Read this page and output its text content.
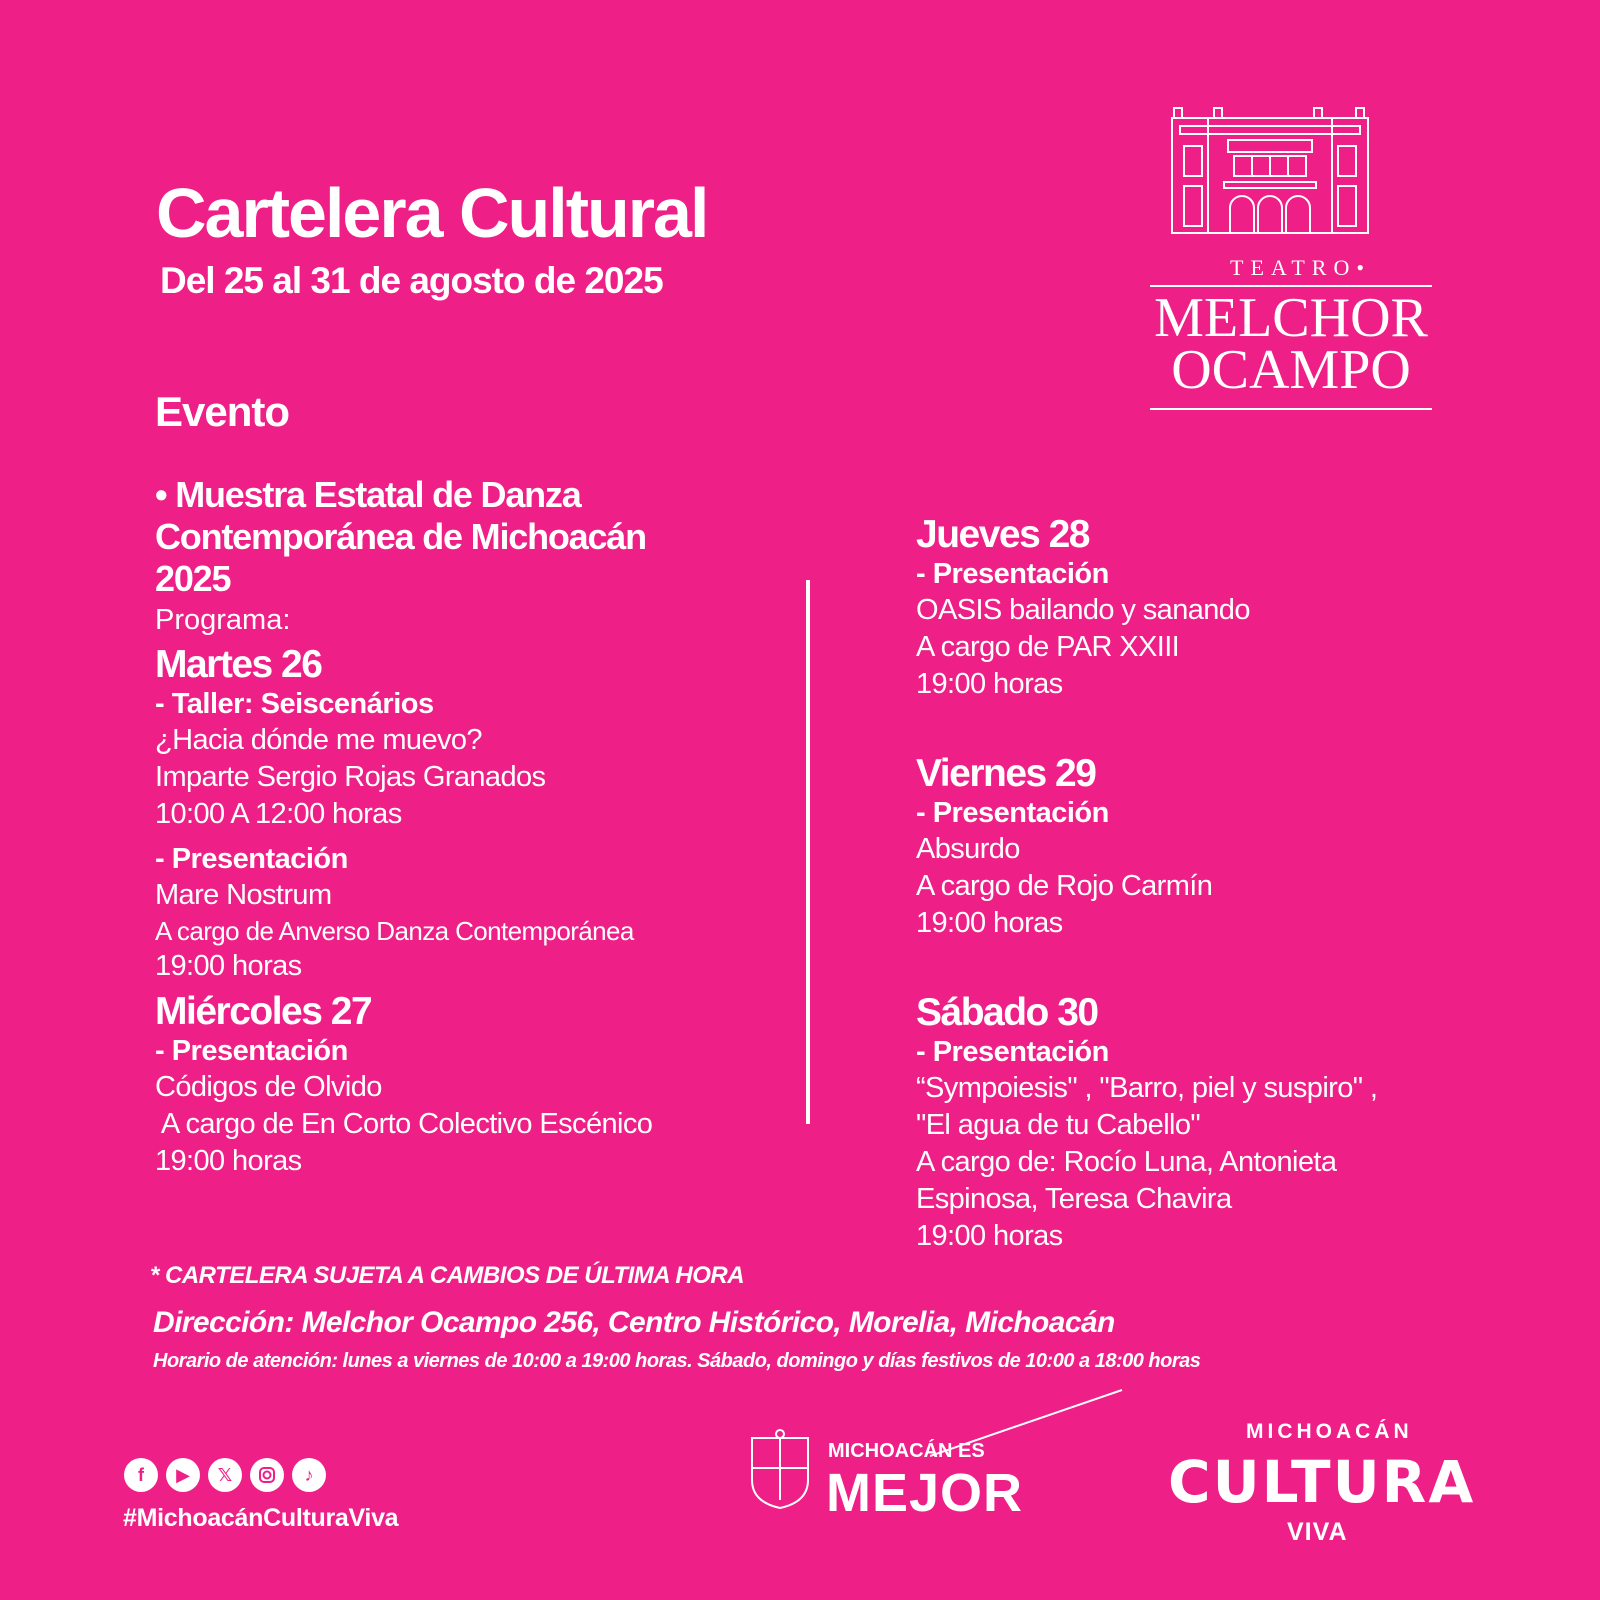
Cartelera Cultural
Del 25 al 31 de agosto de 2025
Evento
TEATRO•
MELCHOR
OCAMPO
• Muestra Estatal de Danza
Contemporánea de Michoacán
2025
Programa:
Martes 26
- Taller: Seiscenários
¿Hacia dónde me muevo?
Imparte Sergio Rojas Granados
10:00 A 12:00 horas
- Presentación
Mare Nostrum
A cargo de Anverso Danza Contemporánea
19:00 horas
Miércoles 27
- Presentación
Códigos de Olvido
A cargo de En Corto Colectivo Escénico
19:00 horas
Jueves 28
- Presentación
OASIS bailando y sanando
A cargo de PAR XXIII
19:00 horas
Viernes 29
- Presentación
Absurdo
A cargo de Rojo Carmín
19:00 horas
Sábado 30
- Presentación
“Sympoiesis" , "Barro, piel y suspiro" ,
"El agua de tu Cabello"
A cargo de: Rocío Luna, Antonieta
Espinosa, Teresa Chavira
19:00 horas
* CARTELERA SUJETA A CAMBIOS DE ÚLTIMA HORA
Dirección: Melchor Ocampo 256, Centro Histórico, Morelia, Michoacán
Horario de atención: lunes a viernes de 10:00 a 19:00 horas. Sábado, domingo y días festivos de 10:00 a 18:00 horas
f	▶	𝕏	♪
#MichoacánCulturaViva
MICHOACÁN ES
MEJOR
MICHOACÁN
CULTURA
VIVA
